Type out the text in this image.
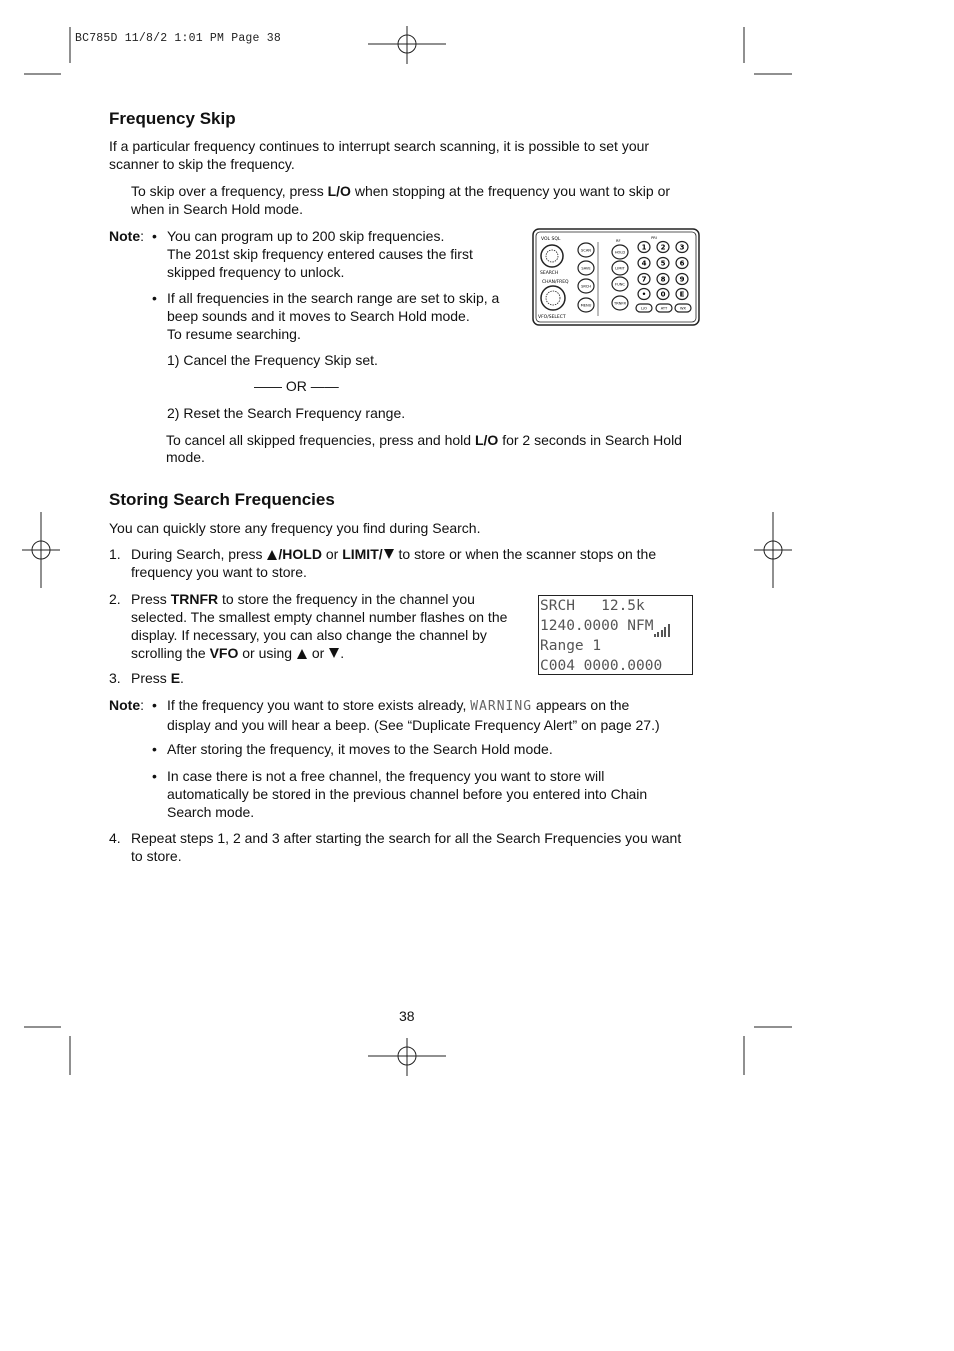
BC785D 11/8/2 1:01 PM Page 38
Frequency Skip

If a particular frequency continues to interrupt search scanning, it is possible to set your

scanner to skip the frequency.

To skip over a frequency, press L/O when stopping at the frequency you want to skip or

when in Search Hold mode.

Note: • You can program up to 200 skip frequencies.

The 201st skip frequency entered causes the first

skipped frequency to unlock.

• If all frequencies in the search range are set to skip, a

beep sounds and it moves to Search Hold mode.

To resume searching.

1) Cancel the Frequency Skip set.

—— OR ——

2) Reset the Search Frequency range.

To cancel all skipped frequencies, press and hold L/O for 2 seconds in Search Hold

mode.

VOL SQL
SEARCH
CHAN/FREQ
VFO/SELECT
SCAN
SAVE
SRCH
MENU
HOLD
LIMIT
FUNC
TRNFR
RF
1 2 3
4 5 6
7 8 9
• 0 E
L/O	ATT	WX
PRI
Storing Search Frequencies

You can quickly store any frequency you find during Search.

1. During Search, press /HOLD or LIMIT/ to store or when the scanner stops on the

frequency you want to store.

2. Press TRNFR to store the frequency in the channel you

selected. The smallest empty channel number flashes on the

display. If necessary, you can also change the channel by

scrolling the VFO or using  or .

SRCH   12.5k
1240.0000 NFM
Range 1
C004 0000.0000

3. Press E.

Note: • If the frequency you want to store exists already, WARNING appears on the

display and you will hear a beep. (See “Duplicate Frequency Alert” on page 27.)

• After storing the frequency, it moves to the Search Hold mode.

• In case there is not a free channel, the frequency you want to store will

automatically be stored in the previous channel before you entered into Chain

Search mode.

4. Repeat steps 1, 2 and 3 after starting the search for all the Search Frequencies you want

to store.

38
